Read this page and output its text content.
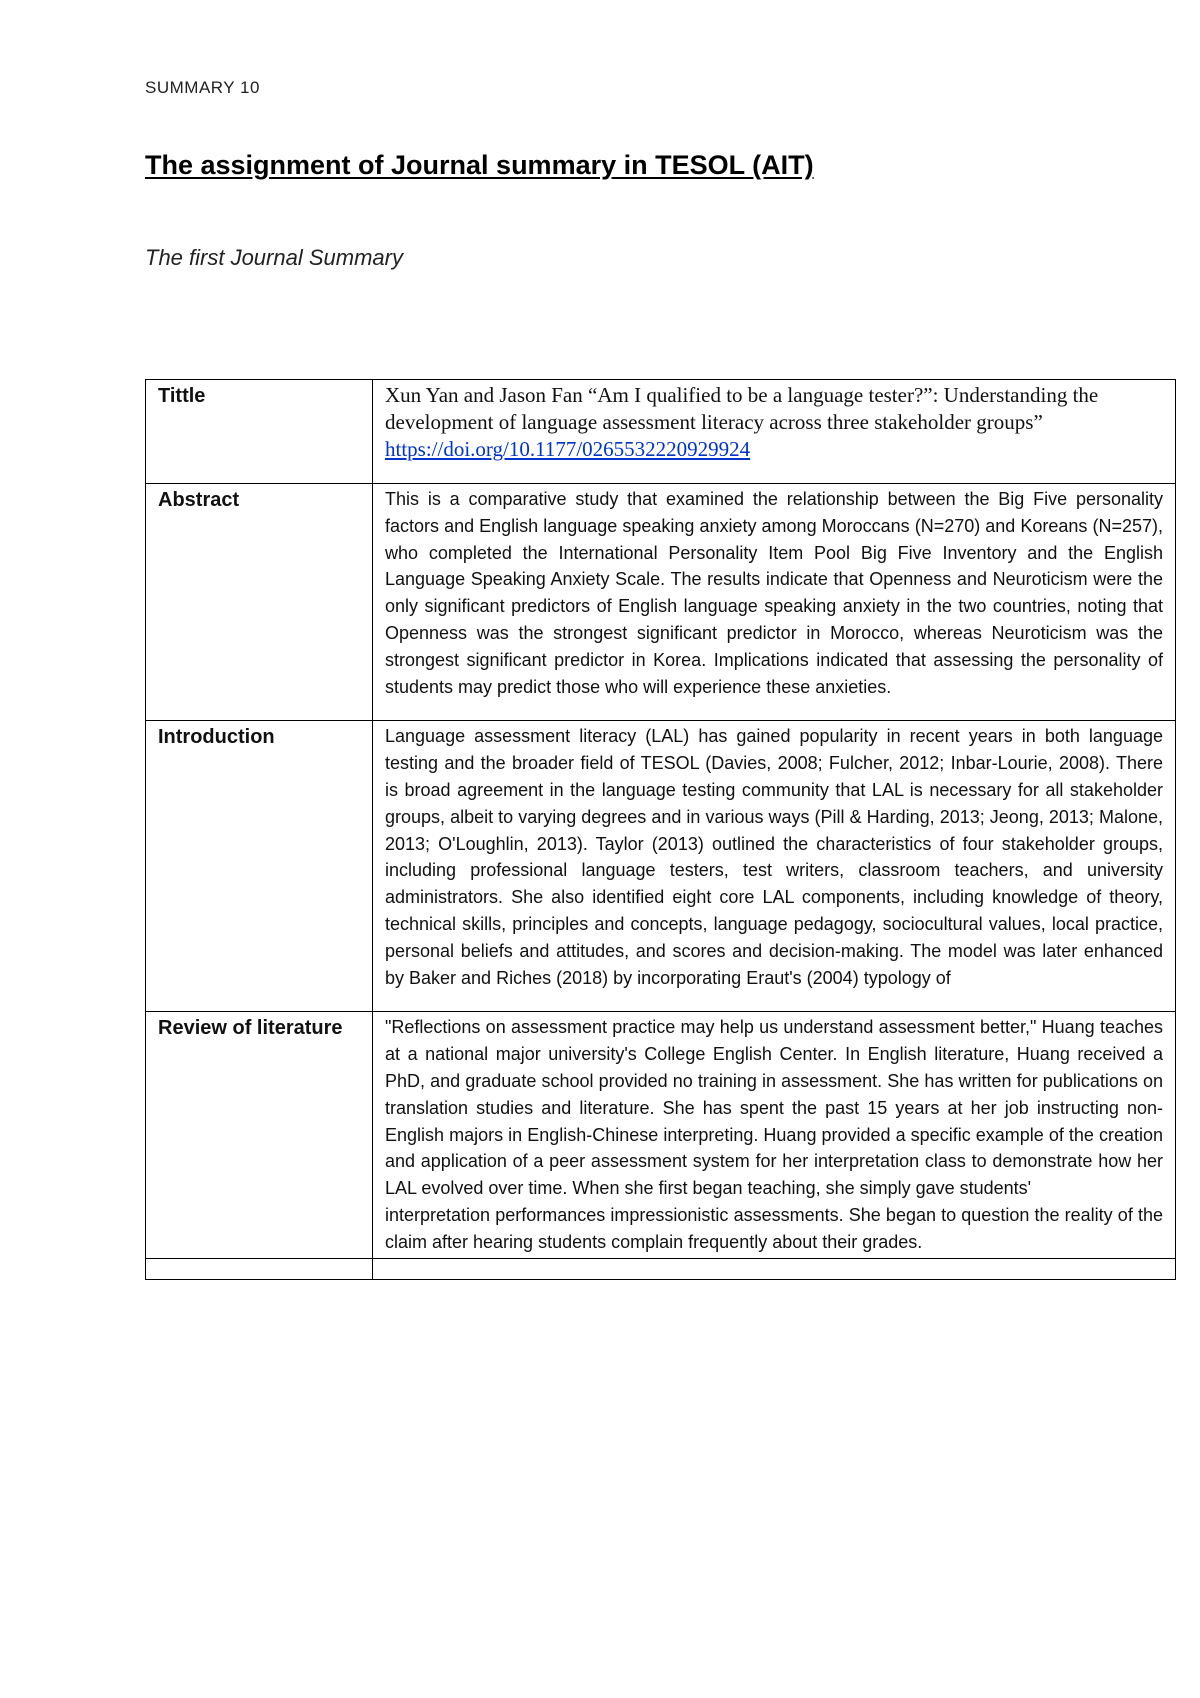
SUMMARY 10
The assignment of Journal summary in TESOL (AIT)
The first Journal Summary
Tittle	Xun Yan and Jason Fan “Am I qualified to be a language tester?”: Understanding the development of language assessment literacy across three stakeholder groups” https://doi.org/10.1177/0265532220929924
Abstract	This is a comparative study that examined the relationship between the Big Five personality factors and English language speaking anxiety among Moroccans (N=270) and Koreans (N=257), who completed the International Personality Item Pool Big Five Inventory and the English Language Speaking Anxiety Scale. The results indicate that Openness and Neuroticism were the only significant predictors of English language speaking anxiety in the two countries, noting that Openness was the strongest significant predictor in Morocco, whereas Neuroticism was the strongest significant predictor in Korea. Implications indicated that assessing the personality of students may predict those who will experience these anxieties.
Introduction	Language assessment literacy (LAL) has gained popularity in recent years in both language testing and the broader field of TESOL (Davies, 2008; Fulcher, 2012; Inbar-Lourie, 2008). There is broad agreement in the language testing community that LAL is necessary for all stakeholder groups, albeit to varying degrees and in various ways (Pill & Harding, 2013; Jeong, 2013; Malone, 2013; O'Loughlin, 2013). Taylor (2013) outlined the characteristics of four stakeholder groups, including professional language testers, test writers, classroom teachers, and university administrators. She also identified eight core LAL components, including knowledge of theory, technical skills, principles and concepts, language pedagogy, sociocultural values, local practice, personal beliefs and attitudes, and scores and decision-making. The model was later enhanced by Baker and Riches (2018) by incorporating Eraut's (2004) typology of
Review of literature	"Reflections on assessment practice may help us understand assessment better," Huang teaches at a national major university's College English Center. In English literature, Huang received a PhD, and graduate school provided no training in assessment. She has written for publications on translation studies and literature. She has spent the past 15 years at her job instructing non-English majors in English-Chinese interpreting. Huang provided a specific example of the creation and application of a peer assessment system for her interpretation class to demonstrate how her LAL evolved over time. When she first began teaching, she simply gave students'
interpretation performances impressionistic assessments. She began to question the reality of the claim after hearing students complain frequently about their grades.
